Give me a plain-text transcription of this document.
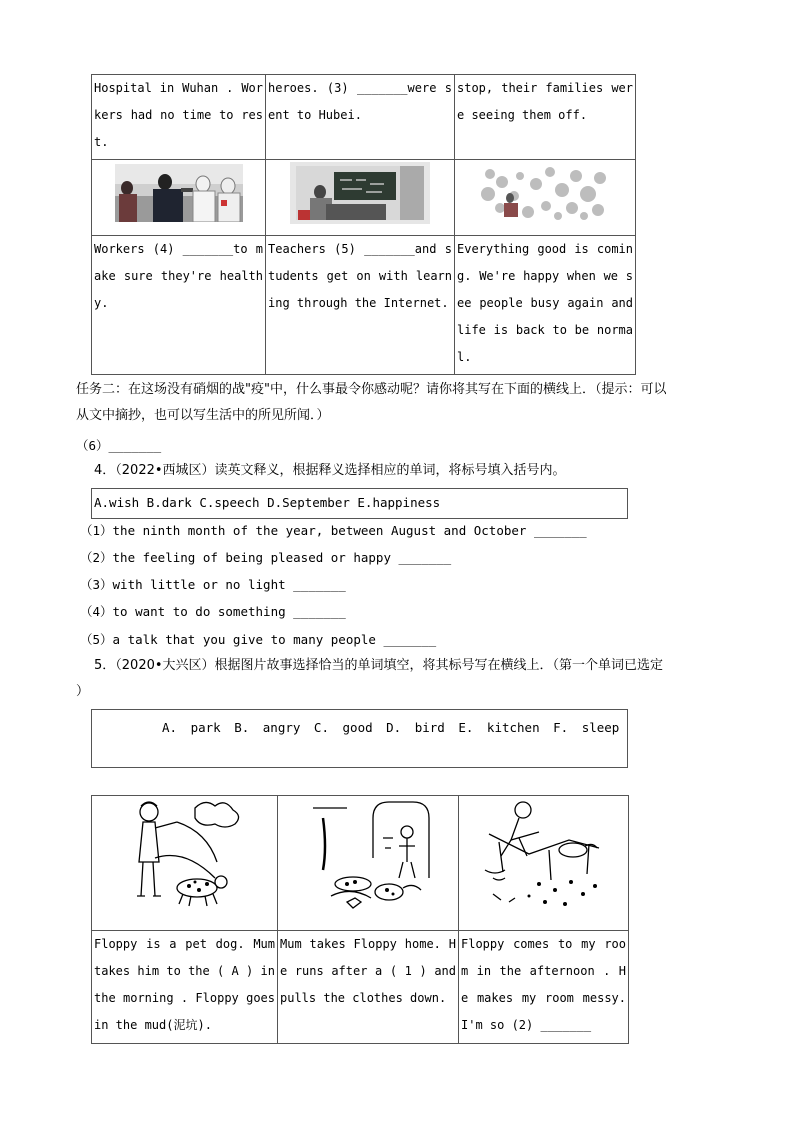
Hospital in Wuhan . Workers had no time to rest.	heroes. (3) _______were sent to Hubei.	stop, their families were seeing them off.

Workers (4) _______to make sure they're healthy.	Teachers (5) _______and students get on with learning through the Internet.	Everything good is coming. We're happy when we see people busy again and life is back to be normal.
任务二：在这场没有硝烟的战"疫"中，什么事最令你感动呢？请你将其写在下面的横线上．（提示：可以
从文中摘抄，也可以写生活中的所见所闻．）
（6）_______
4．（2022•西城区）读英文释义，根据释义选择相应的单词，将标号填入括号内。
A.wish B.dark C.speech D.September E.happiness
（1）the ninth month of the year, between August and October _______
（2）the feeling of being pleased or happy _______
（3）with little or no light _______
（4）to want to do something _______
（5）a talk that you give to many people _______
5．（2020•大兴区）根据图片故事选择恰当的单词填空，将其标号写在横线上．（第一个单词已选定
）
A. park B. angry C. good D. bird E. kitchen F. sleep

Floppy is a pet dog. Mum takes him to the ( A ) in the morning . Floppy goes in the mud(泥坑).	Mum takes Floppy home. He runs after a ( 1 ) and pulls the clothes down.	Floppy comes to my room in the afternoon . He makes my room messy. I'm so (2) _______
